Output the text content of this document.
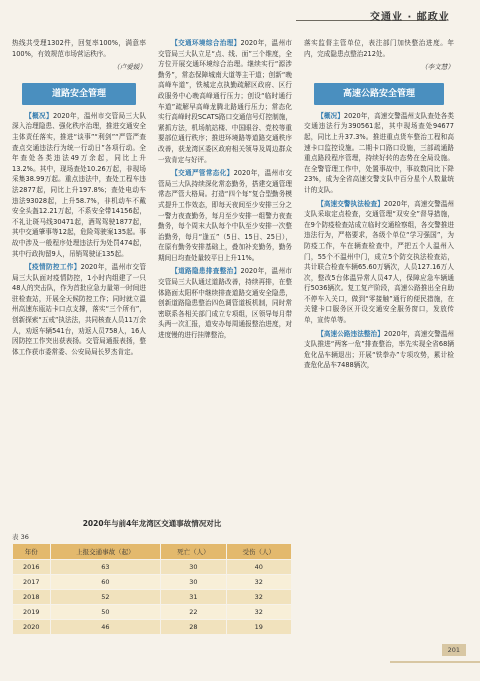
交通业 · 邮政业

热线共受理1302件，回复率100%，满意率100%，有效规范市场营运秩序。

（卢爱媛）

道路安全管理

【概况】2020年，温州市交管局三大队深入治理隐患、强化秩序治理，推进交通安全主体责任落实，推进“谈事”“利剑”“严管严查查点交通违法行为统一行动日”各项行动。全年查处各类违法49万余起，同比上升13.2%。其中，现场查处10.26万起，非现场采集38.99万起。重点违法中，查处工程车违法2877起，同比上升197.8%；查处电动车违法93028起，上升58.7%，非机动车不戴安全头盔12.21万起，不系安全带14156起，不礼让斑马线30471起，酒驾驾驶1877起，其中交通肇事等12起，危险驾驶案135起。事故中涉及一般程序处理违法行为处罚474起，其中行政拘留9人，吊销驾驶证135起。

【疫情防控工作】2020年，温州市交管局三大队面对疫情防控，1小时内组建了一只48人的突击队，作为首批应急力量第一时间进驻检查站，开展全天候防控工作；同时就立温州高速东瓯站卡口点支撑，落实“三个所有”，创新探索“五戒”执法法，共同核查人员11万余人，劝返车辆541台，劝返人员758人，16人因防控工作突出获表扬。交管局通报表扬，整体工作获市委常委、公安局局长罗杰肯定。

【交通环境综合治理】2020年，温州市交管局三大队立足“点、线、面”三个维度，全方位开展交通环境综合治理。继续实行“源涉勤务”，常态保障城南大道等主干道；创新“晚高峰车道”，铁城定点执勤疏解区政府、区行政服务中心晚高峰通行压力；创设“临时通行车道”疏解早高峰龙腾北路通行压力；常态化实行高峰时段SCATS路口交通信号灯控制施，紧抓方法，机场航站楼、中国眼谷、党校等重要部位通行秩序；推进环境路等道路交通秩序改善，获龙湾区委区政府相关领导及周边群众一致肯定与好评。

【交通严管常态化】2020年，温州市交管局三大队持续深化常态勤务，搭建交通管理常态严管大格局。打造“四个每”复合型勤务模式提升工作效态，即每天夜间至少安排三分之一警力夜查勤务，每月至少安排一组警力夜查勤务，每个周末大队每个中队至少安排一次整治勤务，每月“逢五”（5日、15日、25日），在原有勤务安排基础上，叠加补充勤务，勤务期间日均查处量较平日上升11%。

【道路隐患排查整治】2020年，温州市交管局三大队通过道路改善，持续再排，在整体路面太阳杯中继续排查道路交通安全隐患，创新道路隐患整治四色调管道板机制，同时常密联系各相关部门成立专项组，区领导每月带头两一次汇报，道安办每周通报整治进度，对进度慢的进行挂牌整治，

落实监督主管单位，表注部门加快整治进度。年内，完成隐患点整治212处。

（李文慧）

高速公路安全管理

【概况】2020年，高速交警温州支队查处各类交通违法行为390561起，其中现场查处94677起，同比上升37.3%。推进重点货车整治工程和高速卡口监控设施。二期卡口路口设施，三部疏通路重点路段程序管理，持续好转的态势在全局设施。在全警管理工作中，处置事故中，事故数同比下降23%，成为全省高速交警支队中百分星个人数量统计的支队。

【高速交警执法检查】2020年，高速交警温州支队采取定点检查，交通管理“双安全”督导措施，在9个防疫检查站成立临时交通检察组，各交警推进违法行为，严格要求，各级个单位“学习强国”，为防疫工作，车在辆查检查中，严把五个人温州入门，55个不温州中门，成立5个防交执法检查站，共计联合检查车辆65.60万辆次，人员127.16万人次，整改5台体温异常人员47人，保障应急车辆通行5036辆次。复工复产阶段，高速公路推出全自助不停车入关口，做到“零接触”通行的便民措施，在关键卡口服务区开设交通安全服务窗口，发放传单，宣传单等。

【高速公路违法整治】2020年，高速交警温州支队推进“两客一危”排查整治，率先实现全省68辆危化品车辆退出；开展“铁拳办”专项攻势，累计检查危化品车7488辆次，

2020年与前4年龙湾区交通事故情况对比
表 36
年份	上报交通事故（起）	死亡（人）	受伤（人）
2016	63	30	40
2017	60	30	32
2018	52	31	32
2019	50	22	32
2020	46	28	19
201
